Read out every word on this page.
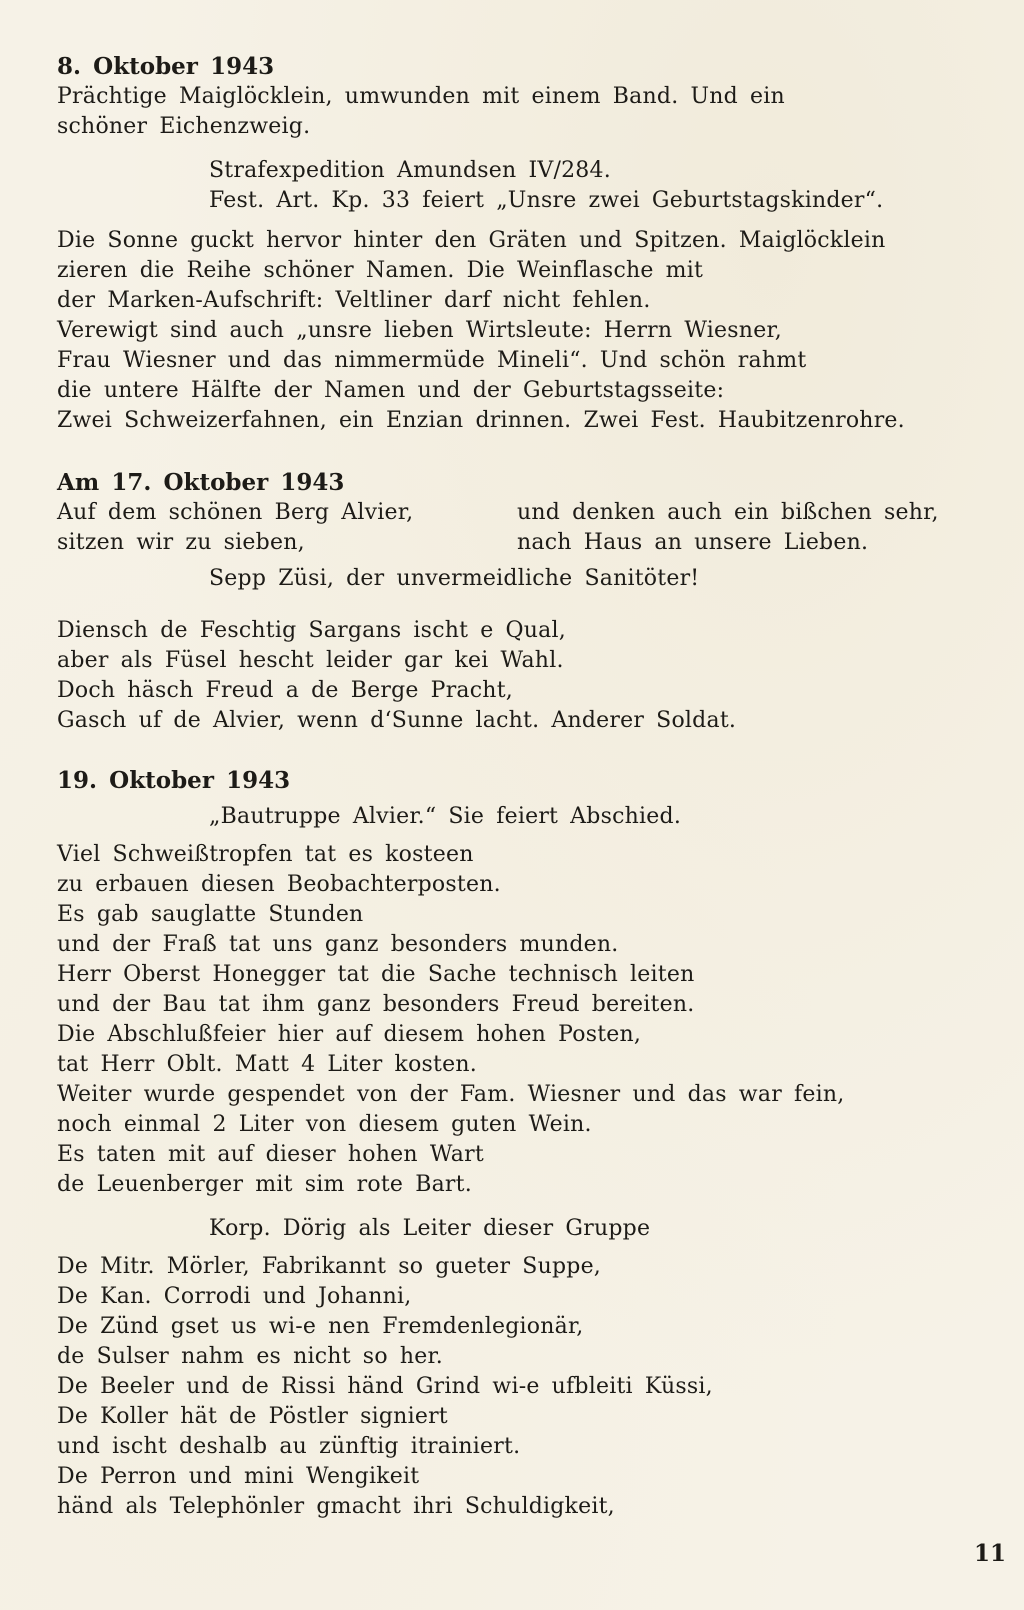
8. Oktober 1943
Prächtige Maiglöcklein, umwunden mit einem Band. Und ein
schöner Eichenzweig.
Strafexpedition Amundsen IV/284.
Fest. Art. Kp. 33 feiert „Unsre zwei Geburtstagskinder“.
Die Sonne guckt hervor hinter den Gräten und Spitzen. Maiglöcklein
zieren die Reihe schöner Namen. Die Weinflasche mit
der Marken-Aufschrift: Veltliner darf nicht fehlen.
Verewigt sind auch „unsre lieben Wirtsleute: Herrn Wiesner,
Frau Wiesner und das nimmermüde Mineli“. Und schön rahmt
die untere Hälfte der Namen und der Geburtstagsseite:
Zwei Schweizerfahnen, ein Enzian drinnen. Zwei Fest. Haubitzenrohre.
Am 17. Oktober 1943
Auf dem schönen Berg Alvier,
sitzen wir zu sieben,
und denken auch ein bißchen sehr,
nach Haus an unsere Lieben.
Sepp Züsi, der unvermeidliche Sanitöter!
Diensch de Feschtig Sargans ischt e Qual,
aber als Füsel hescht leider gar kei Wahl.
Doch häsch Freud a de Berge Pracht,
Gasch uf de Alvier, wenn d‘Sunne lacht. Anderer Soldat.
19. Oktober 1943
„Bautruppe Alvier.“ Sie feiert Abschied.
Viel Schweißtropfen tat es kosteen
zu erbauen diesen Beobachterposten.
Es gab sauglatte Stunden
und der Fraß tat uns ganz besonders munden.
Herr Oberst Honegger tat die Sache technisch leiten
und der Bau tat ihm ganz besonders Freud bereiten.
Die Abschlußfeier hier auf diesem hohen Posten,
tat Herr Oblt. Matt 4 Liter kosten.
Weiter wurde gespendet von der Fam. Wiesner und das war fein,
noch einmal 2 Liter von diesem guten Wein.
Es taten mit auf dieser hohen Wart
de Leuenberger mit sim rote Bart.
Korp. Dörig als Leiter dieser Gruppe
De Mitr. Mörler, Fabrikannt so gueter Suppe,
De Kan. Corrodi und Johanni,
De Zünd gset us wi-e nen Fremdenlegionär,
de Sulser nahm es nicht so her.
De Beeler und de Rissi händ Grind wi-e ufbleiti Küssi,
De Koller hät de Pöstler signiert
und ischt deshalb au zünftig itrainiert.
De Perron und mini Wengikeit
händ als Telephönler gmacht ihri Schuldigkeit,
11
